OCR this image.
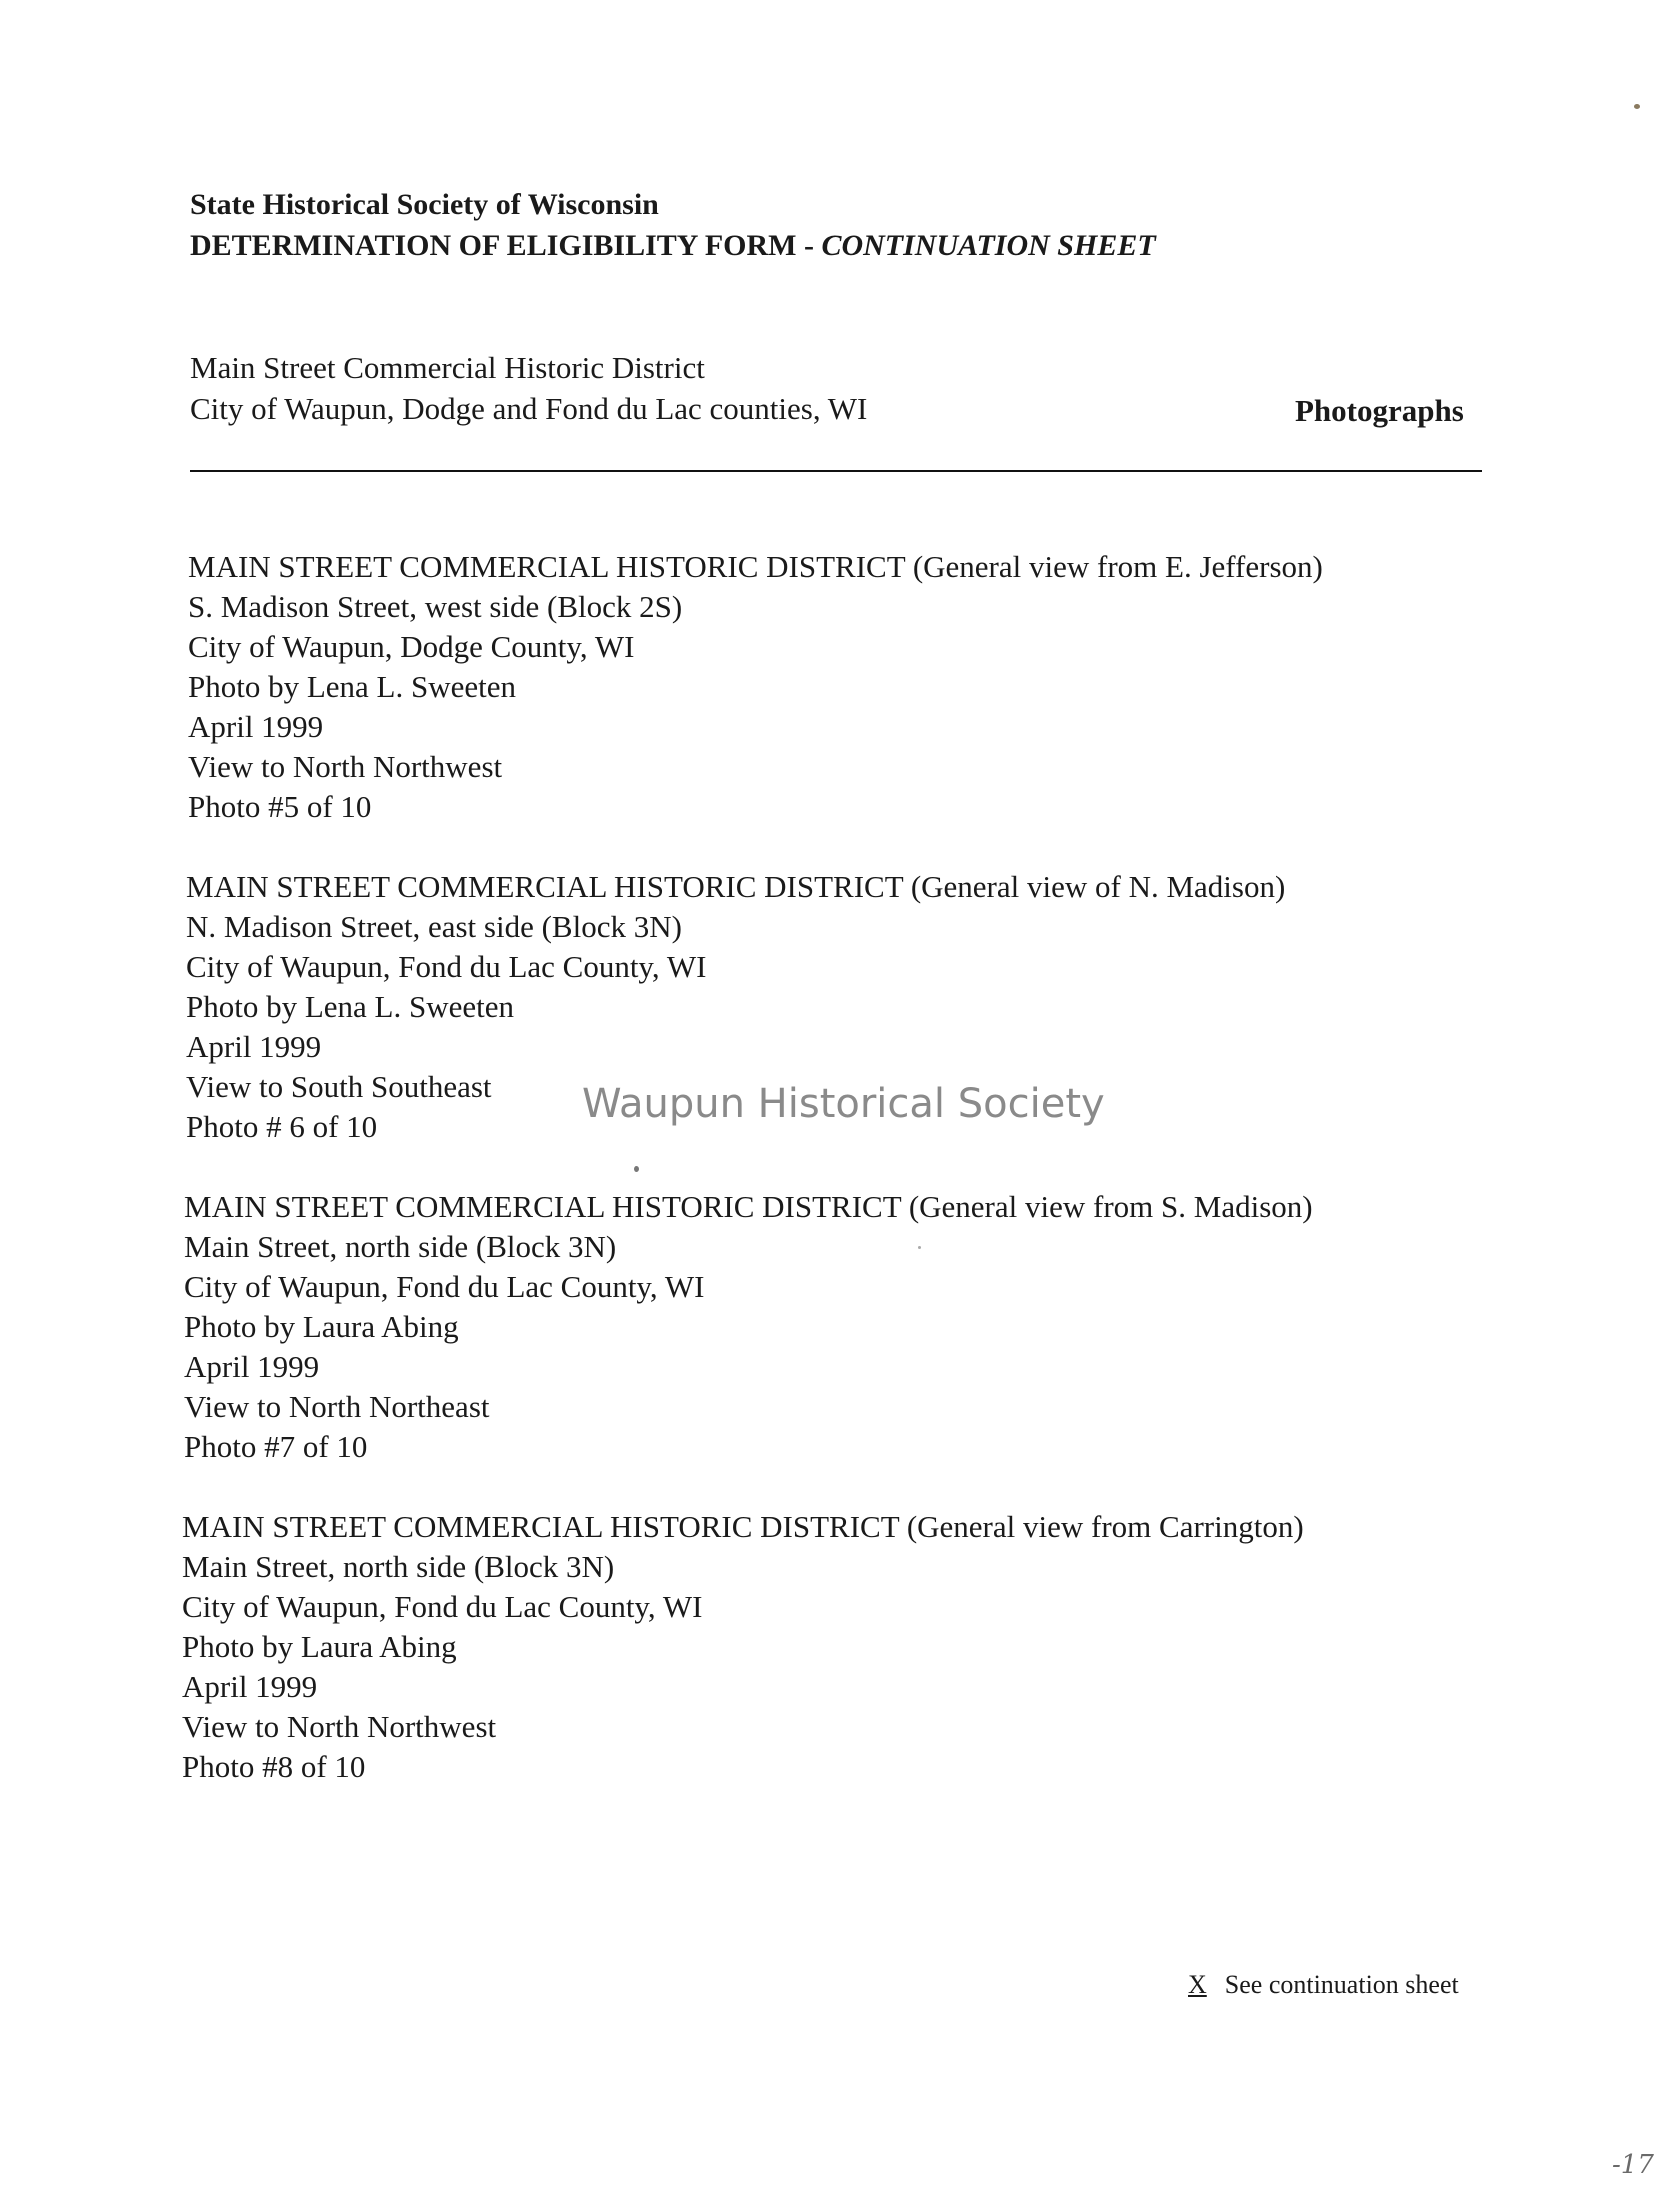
State Historical Society of Wisconsin
DETERMINATION OF ELIGIBILITY FORM - CONTINUATION SHEET
Main Street Commercial Historic District
City of Waupun, Dodge and Fond du Lac counties, WI	Photographs
MAIN STREET COMMERCIAL HISTORIC DISTRICT (General view from E. Jefferson)
S. Madison Street, west side (Block 2S)
City of Waupun, Dodge County, WI
Photo by Lena L. Sweeten
April 1999
View to North Northwest
Photo #5 of 10
MAIN STREET COMMERCIAL HISTORIC DISTRICT (General view of N. Madison)
N. Madison Street, east side (Block 3N)
City of Waupun, Fond du Lac County, WI
Photo by Lena L. Sweeten
April 1999
View to South Southeast
Photo # 6 of 10
MAIN STREET COMMERCIAL HISTORIC DISTRICT (General view from S. Madison)
Main Street, north side (Block 3N)
City of Waupun, Fond du Lac County, WI
Photo by Laura Abing
April 1999
View to North Northeast
Photo #7 of 10
MAIN STREET COMMERCIAL HISTORIC DISTRICT (General view from Carrington)
Main Street, north side (Block 3N)
City of Waupun, Fond du Lac County, WI
Photo by Laura Abing
April 1999
View to North Northwest
Photo #8 of 10
Waupun Historical Society
X See continuation sheet
-17
